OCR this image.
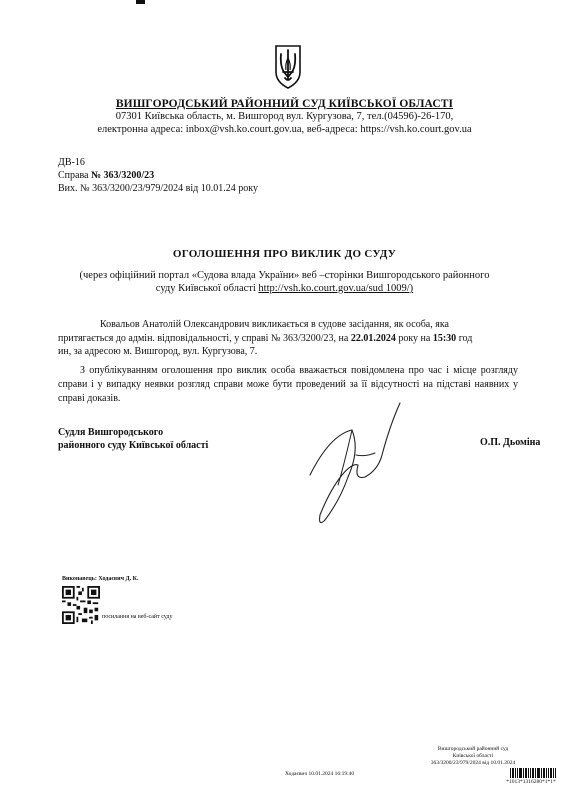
ВИШГОРОДСЬКИЙ РАЙОННИЙ СУД КИЇВСЬКОЇ ОБЛАСТІ
07301 Київська область, м. Вишгород вул. Кургузова, 7, тел.(04596)-26-170,
електронна адреса: inbox@vsh.ko.court.gov.ua, веб-адреса: https://vsh.ko.court.gov.ua
ДВ-16
Справа № 363/3200/23
Вих. № 363/3200/23/979/2024 від 10.01.24 року
ОГОЛОШЕННЯ ПРО ВИКЛИК ДО СУДУ
(через офіційний портал «Судова влада України» веб –сторінки Вишгородського районного
суду Київської області http://vsh.ko.court.gov.ua/sud 1009/)
Ковальов Анатолій Олександрович викликається в судове засідання, як особа, яка
притягається до адмін. відповідальності, у справі № 363/3200/23, на 22.01.2024 року на 15:30 год
ин, за адресою м. Вишгород, вул. Кургузова, 7.
З опублікуванням оголошення про виклик особа вважається повідомлена про час і місце розгляду справи і у випадку неявки розгляд справи може бути проведений за її відсутності на підставі наявних у справі доказів.
Судля Вишгородського
районного суду Київської області	О.П. Дьоміна
Виконавець: Ходаєвич Д. К.
посилання на веб-сайт суду
Вишгородський районний суд
Київської області
363/3200/23/979/2024 від 10.01.2024
Ходаєвич 10.01.2024 16:19:40
*1013*1316280*1*1*
